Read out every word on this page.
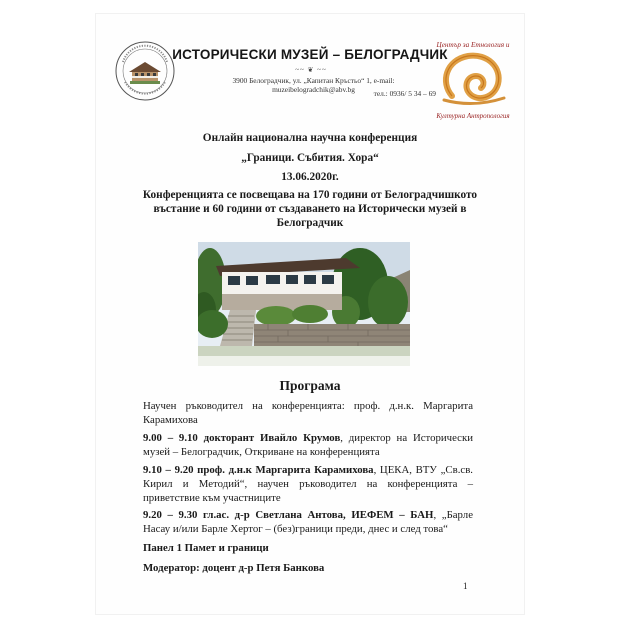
ИСТОРИЧЕСКИ МУЗЕЙ – БЕЛОГРАДЧИК
~~ ❦ ~~
3900 Белоградчик, ул. „Капитан Кръстьо“ 1, e-mail: muzeibelogradchik@abv.bg	тел.: 0936/ 5 34 – 69
Център за Етнология и
Културна Антропология
Онлайн национална научна конференция
„Граници. Събития. Хора“
13.06.2020г.
Конференцията се посвещава на 170 години от Белоградчишкото въстание и 60 години от създаването на Исторически музей в Белоградчик
Програма
Научен ръководител на конференцията: проф. д.н.к. Маргарита Карамихова
9.00 – 9.10 докторант Ивайло Крумов, директор на Исторически музей – Белоградчик, Откриване на конференцията
9.10 – 9.20 проф. д.н.к Маргарита Карамихова, ЦЕКА, ВТУ „Св.св. Кирил и Методий“, научен ръководител на конференцията – приветствие към участниците
9.20 – 9.30 гл.ас. д-р Светлана Антова, ИЕФЕМ – БАН, „Барле Насау и/или Барле Хертог – (без)граници преди, днес и след това“
Панел 1 Памет и граници
Модератор: доцент д-р Петя Банкова
1
